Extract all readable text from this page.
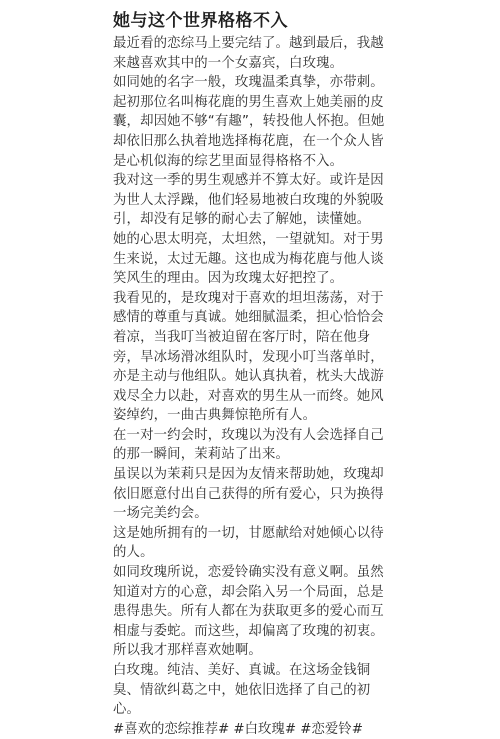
她与这个世界格格不入

最近看的恋综马上要完结了。越到最后，我越来越喜欢其中的一个女嘉宾，白玫瑰。

如同她的名字一般，玫瑰温柔真挚，亦带刺。起初那位名叫梅花鹿的男生喜欢上她美丽的皮囊，却因她不够“有趣”，转投他人怀抱。但她却依旧那么执着地选择梅花鹿，在一个众人皆是心机似海的综艺里面显得格格不入。

我对这一季的男生观感并不算太好。或许是因为世人太浮躁，他们轻易地被白玫瑰的外貌吸引，却没有足够的耐心去了解她，读懂她。

她的心思太明亮，太坦然，一望就知。对于男生来说，太过无趣。这也成为梅花鹿与他人谈笑风生的理由。因为玫瑰太好把控了。

我看见的，是玫瑰对于喜欢的坦坦荡荡，对于感情的尊重与真诚。她细腻温柔，担心恰恰会着凉，当我叮当被迫留在客厅时，陪在他身旁，旱冰场滑冰组队时，发现小叮当落单时，亦是主动与他组队。她认真执着，枕头大战游戏尽全力以赴，对喜欢的男生从一而终。她风姿绰约，一曲古典舞惊艳所有人。

在一对一约会时，玫瑰以为没有人会选择自己的那一瞬间，茉莉站了出来。

虽误以为茉莉只是因为友情来帮助她，玫瑰却依旧愿意付出自己获得的所有爱心，只为换得一场完美约会。

这是她所拥有的一切，甘愿献给对她倾心以待的人。

如同玫瑰所说，恋爱铃确实没有意义啊。虽然知道对方的心意，却会陷入另一个局面，总是患得患失。所有人都在为获取更多的爱心而互相虚与委蛇。而这些，却偏离了玫瑰的初衷。

所以我才那样喜欢她啊。

白玫瑰。纯洁、美好、真诚。在这场金钱铜臭、情欲纠葛之中，她依旧选择了自己的初心。

#喜欢的恋综推荐# #白玫瑰# #恋爱铃#
